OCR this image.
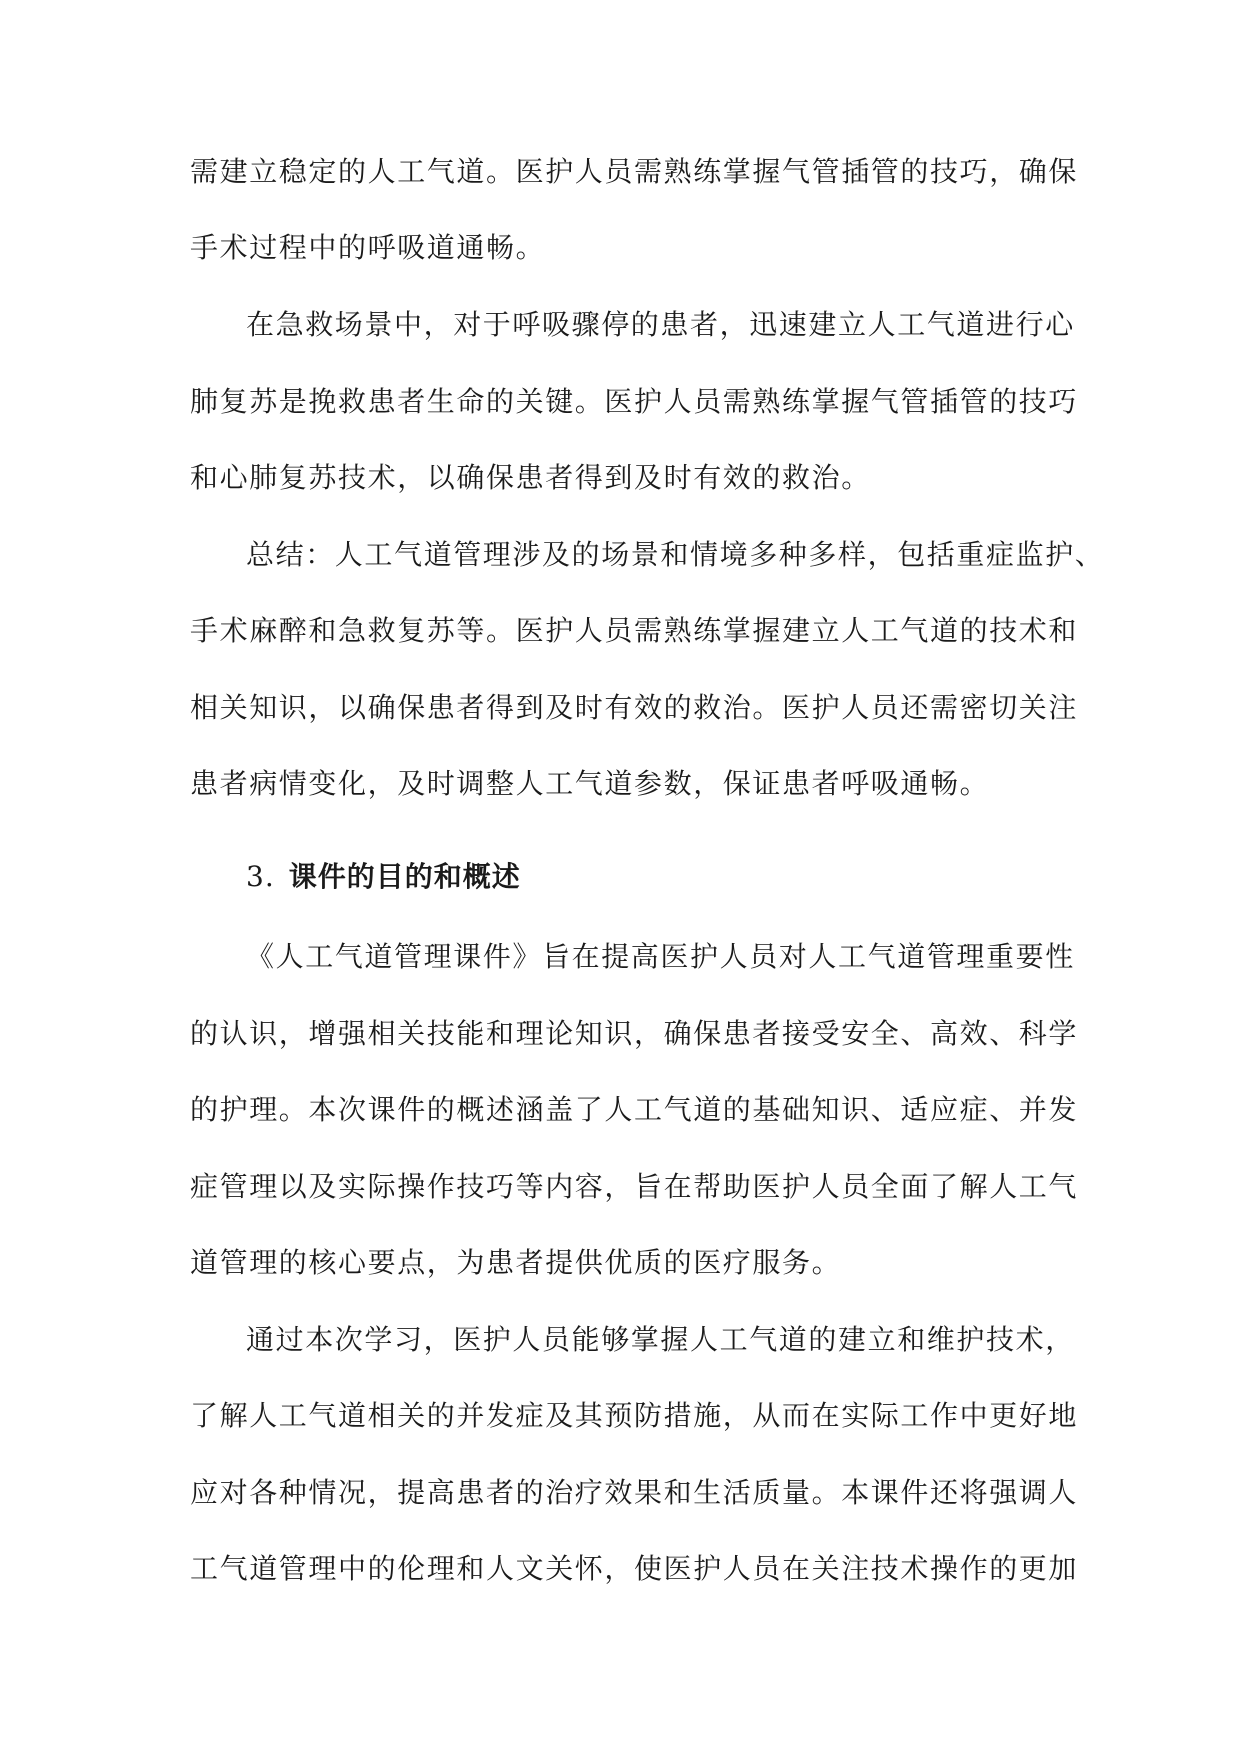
需建立稳定的人工气道。医护人员需熟练掌握气管插管的技巧，确保
手术过程中的呼吸道通畅。
在急救场景中，对于呼吸骤停的患者，迅速建立人工气道进行心
肺复苏是挽救患者生命的关键。医护人员需熟练掌握气管插管的技巧
和心肺复苏技术，以确保患者得到及时有效的救治。
总结：人工气道管理涉及的场景和情境多种多样，包括重症监护、
手术麻醉和急救复苏等。医护人员需熟练掌握建立人工气道的技术和
相关知识，以确保患者得到及时有效的救治。医护人员还需密切关注
患者病情变化，及时调整人工气道参数，保证患者呼吸通畅。
3. 课件的目的和概述
《人工气道管理课件》旨在提高医护人员对人工气道管理重要性
的认识，增强相关技能和理论知识，确保患者接受安全、高效、科学
的护理。本次课件的概述涵盖了人工气道的基础知识、适应症、并发
症管理以及实际操作技巧等内容，旨在帮助医护人员全面了解人工气
道管理的核心要点，为患者提供优质的医疗服务。
通过本次学习，医护人员能够掌握人工气道的建立和维护技术，
了解人工气道相关的并发症及其预防措施，从而在实际工作中更好地
应对各种情况，提高患者的治疗效果和生活质量。本课件还将强调人
工气道管理中的伦理和人文关怀，使医护人员在关注技术操作的更加
